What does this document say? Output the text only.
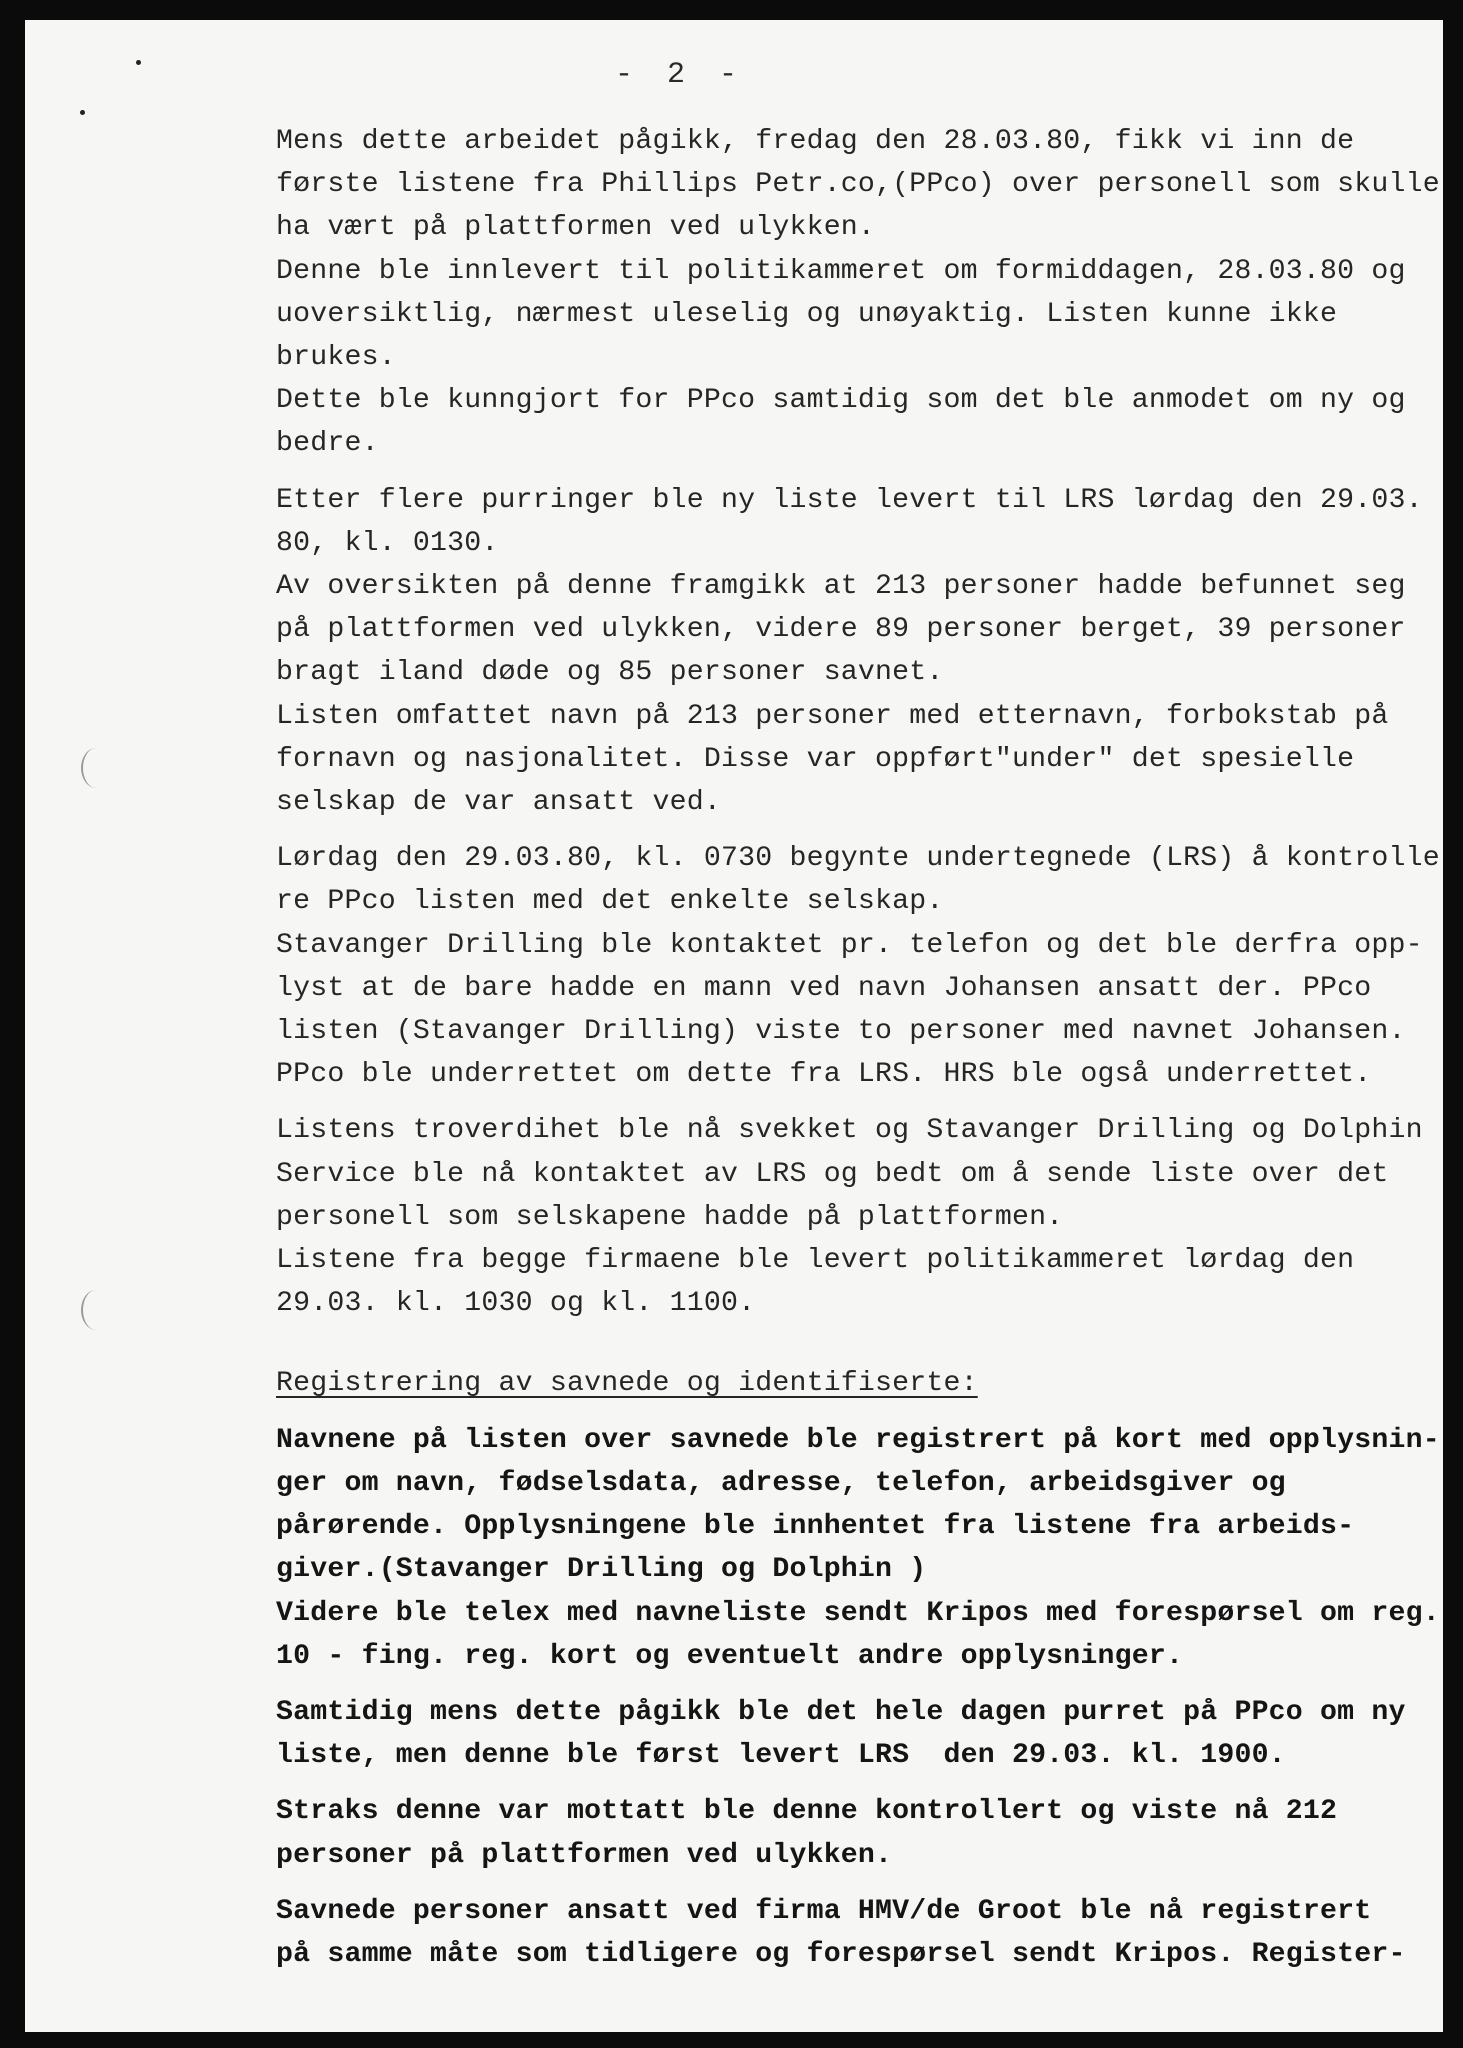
- 2 -
Mens dette arbeidet pågikk, fredag den 28.03.80, fikk vi inn de
første listene fra Phillips Petr.co,(PPco) over personell som skulle
ha vært på plattformen ved ulykken.
Denne ble innlevert til politikammeret om formiddagen, 28.03.80 og
uoversiktlig, nærmest uleselig og unøyaktig. Listen kunne ikke
brukes.
Dette ble kunngjort for PPco samtidig som det ble anmodet om ny og
bedre.
Etter flere purringer ble ny liste levert til LRS lørdag den 29.03.
80, kl. 0130.
Av oversikten på denne framgikk at 213 personer hadde befunnet seg
på plattformen ved ulykken, videre 89 personer berget, 39 personer
bragt iland døde og 85 personer savnet.
Listen omfattet navn på 213 personer med etternavn, forbokstab på
fornavn og nasjonalitet. Disse var oppført"under" det spesielle
selskap de var ansatt ved.
Lørdag den 29.03.80, kl. 0730 begynte undertegnede (LRS) å kontrolle
re PPco listen med det enkelte selskap.
Stavanger Drilling ble kontaktet pr. telefon og det ble derfra opp-
lyst at de bare hadde en mann ved navn Johansen ansatt der. PPco
listen (Stavanger Drilling) viste to personer med navnet Johansen.
PPco ble underrettet om dette fra LRS. HRS ble også underrettet.
Listens troverdihet ble nå svekket og Stavanger Drilling og Dolphin
Service ble nå kontaktet av LRS og bedt om å sende liste over det
personell som selskapene hadde på plattformen.
Listene fra begge firmaene ble levert politikammeret lørdag den
29.03. kl. 1030 og kl. 1100.
Registrering av savnede og identifiserte:
Navnene på listen over savnede ble registrert på kort med opplysnin-
ger om navn, fødselsdata, adresse, telefon, arbeidsgiver og
pårørende. Opplysningene ble innhentet fra listene fra arbeids-
giver.(Stavanger Drilling og Dolphin )
Videre ble telex med navneliste sendt Kripos med forespørsel om reg.
10 - fing. reg. kort og eventuelt andre opplysninger.
Samtidig mens dette pågikk ble det hele dagen purret på PPco om ny
liste, men denne ble først levert LRS  den 29.03. kl. 1900.
Straks denne var mottatt ble denne kontrollert og viste nå 212
personer på plattformen ved ulykken.
Savnede personer ansatt ved firma HMV/de Groot ble nå registrert
på samme måte som tidligere og forespørsel sendt Kripos. Register-
